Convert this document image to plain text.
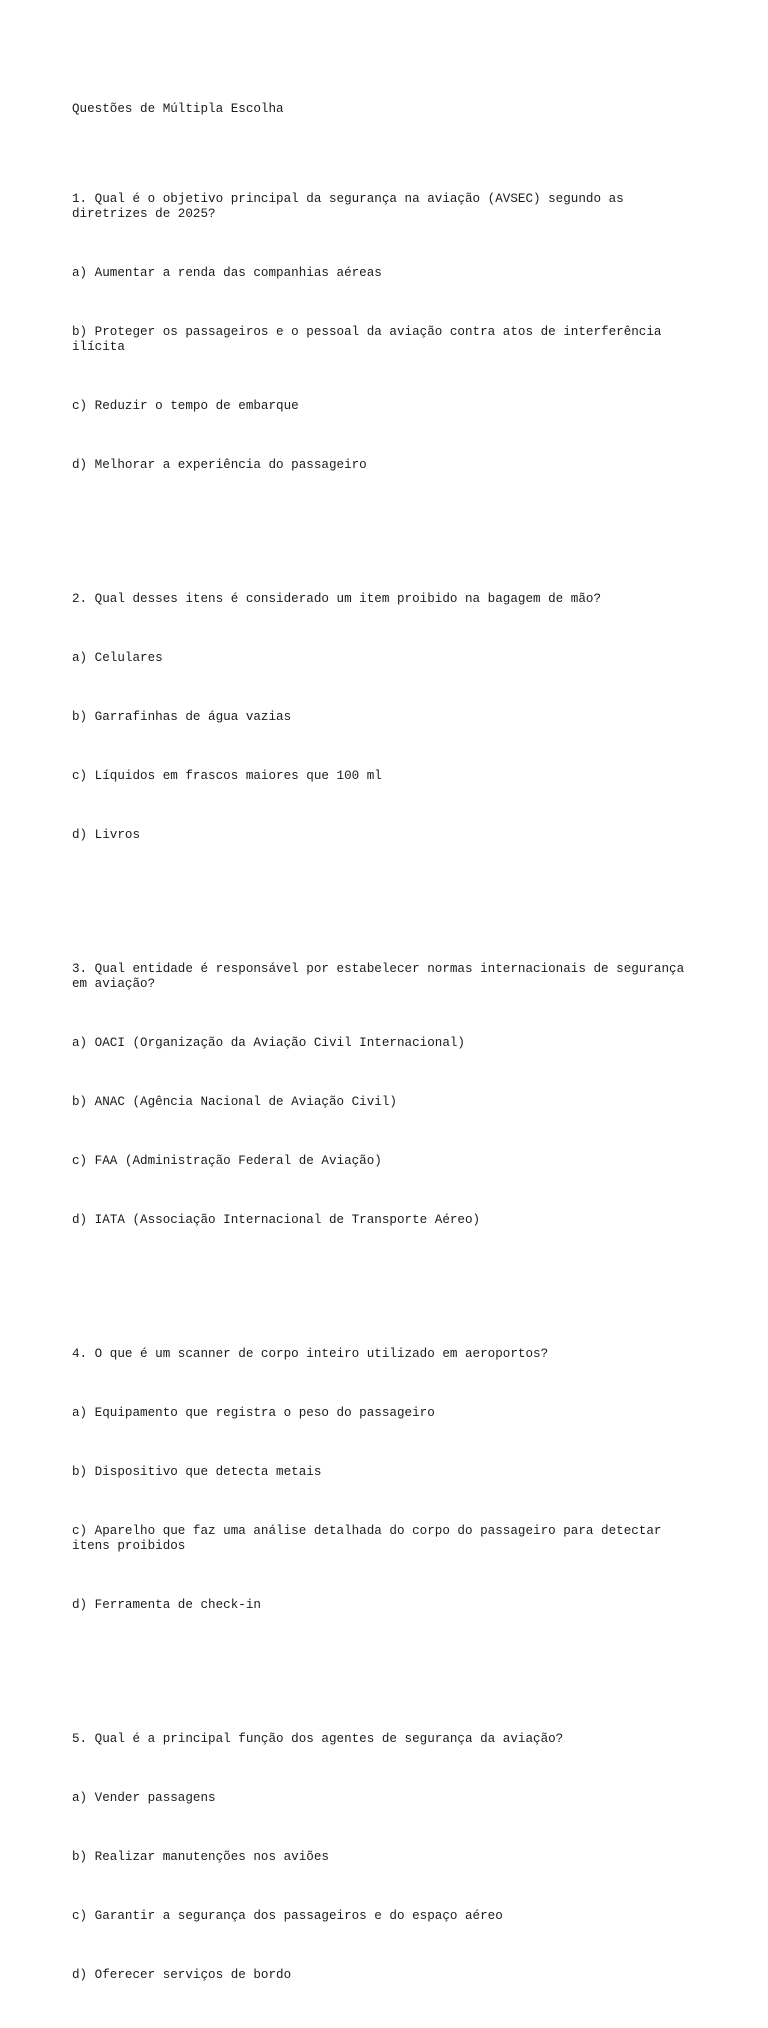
Questões de Múltipla Escolha

1. Qual é o objetivo principal da segurança na aviação (AVSEC) segundo as diretrizes de 2025?

a) Aumentar a renda das companhias aéreas

b) Proteger os passageiros e o pessoal da aviação contra atos de interferência ilícita

c) Reduzir o tempo de embarque

d) Melhorar a experiência do passageiro

2. Qual desses itens é considerado um item proibido na bagagem de mão?

a) Celulares

b) Garrafinhas de água vazias

c) Líquidos em frascos maiores que 100 ml

d) Livros

3. Qual entidade é responsável por estabelecer normas internacionais de segurança em aviação?

a) OACI (Organização da Aviação Civil Internacional)

b) ANAC (Agência Nacional de Aviação Civil)

c) FAA (Administração Federal de Aviação)

d) IATA (Associação Internacional de Transporte Aéreo)

4. O que é um scanner de corpo inteiro utilizado em aeroportos?

a) Equipamento que registra o peso do passageiro

b) Dispositivo que detecta metais

c) Aparelho que faz uma análise detalhada do corpo do passageiro para detectar itens proibidos

d) Ferramenta de check-in

5. Qual é a principal função dos agentes de segurança da aviação?

a) Vender passagens

b) Realizar manutenções nos aviões

c) Garantir a segurança dos passageiros e do espaço aéreo

d) Oferecer serviços de bordo
